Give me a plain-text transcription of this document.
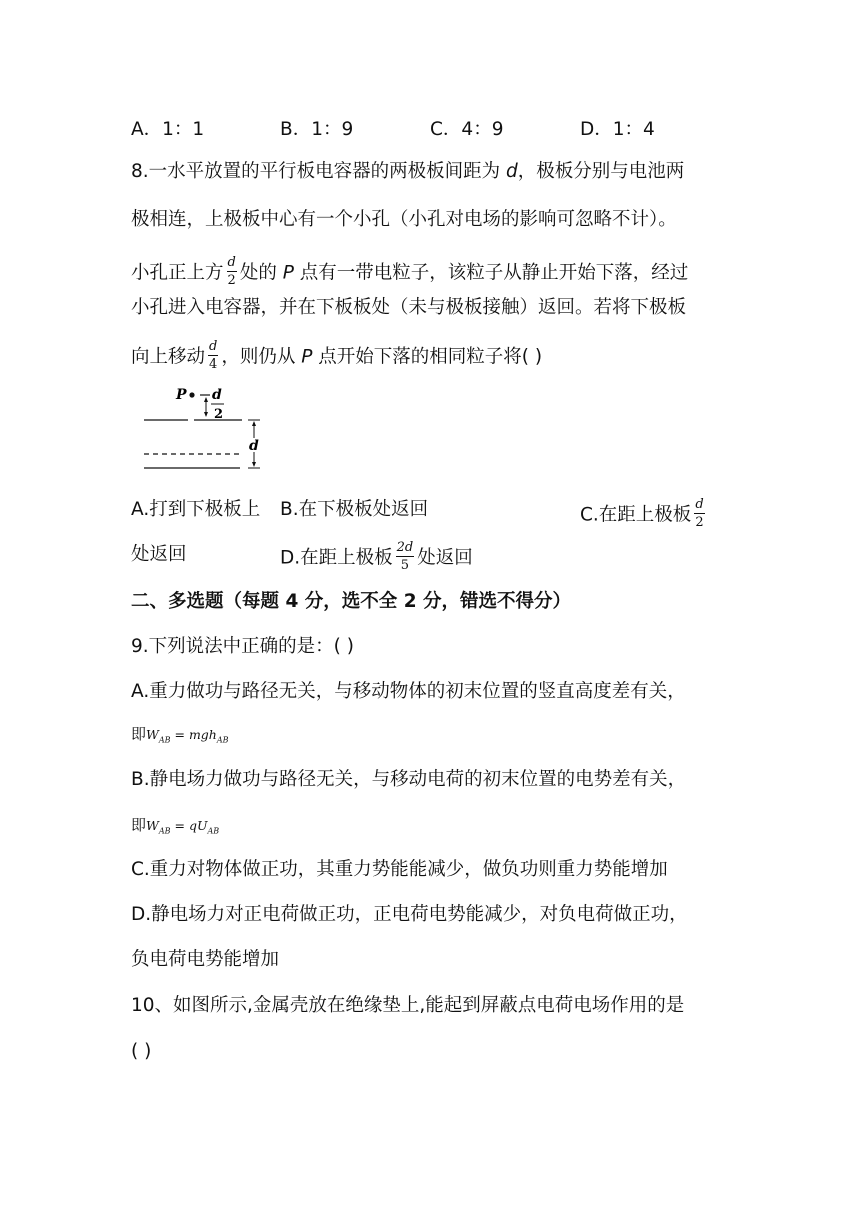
A．1：1	B．1：9	C．4：9	D．1：4
8.一水平放置的平行板电容器的两极板间距为 d，极板分别与电池两
极相连，上极板中心有一个小孔（小孔对电场的影响可忽略不计）。
小孔正上方 $\frac{d}{2}$ 处的 P 点有一带电粒子，该粒子从静止开始下落，经过
小孔进入电容器，并在下板板处（未与极板接触）返回。若将下极板
向上移动 $\frac{d}{4}$ ，则仍从 P 点开始下落的相同粒子将( )
P d
2
d
A.打到下极板上 B.在下极板处返回	C.在距上极板 $\frac{d}{2}$
处返回	D.在距上极板 $\frac{2d}{5}$ 处返回
二、多选题（每题 4 分，选不全 2 分，错选不得分）
9.下列说法中正确的是：( )
A.重力做功与路径无关，与移动物体的初末位置的竖直高度差有关，
即$W_{AB} = mgh_{AB}$
B.静电场力做功与路径无关，与移动电荷的初末位置的电势差有关，
即$W_{AB} = qU_{AB}$
C.重力对物体做正功，其重力势能能减少，做负功则重力势能增加
D.静电场力对正电荷做正功，正电荷电势能减少，对负电荷做正功，
负电荷电势能增加
10、如图所示,金属壳放在绝缘垫上,能起到屏蔽点电荷电场作用的是
( )
